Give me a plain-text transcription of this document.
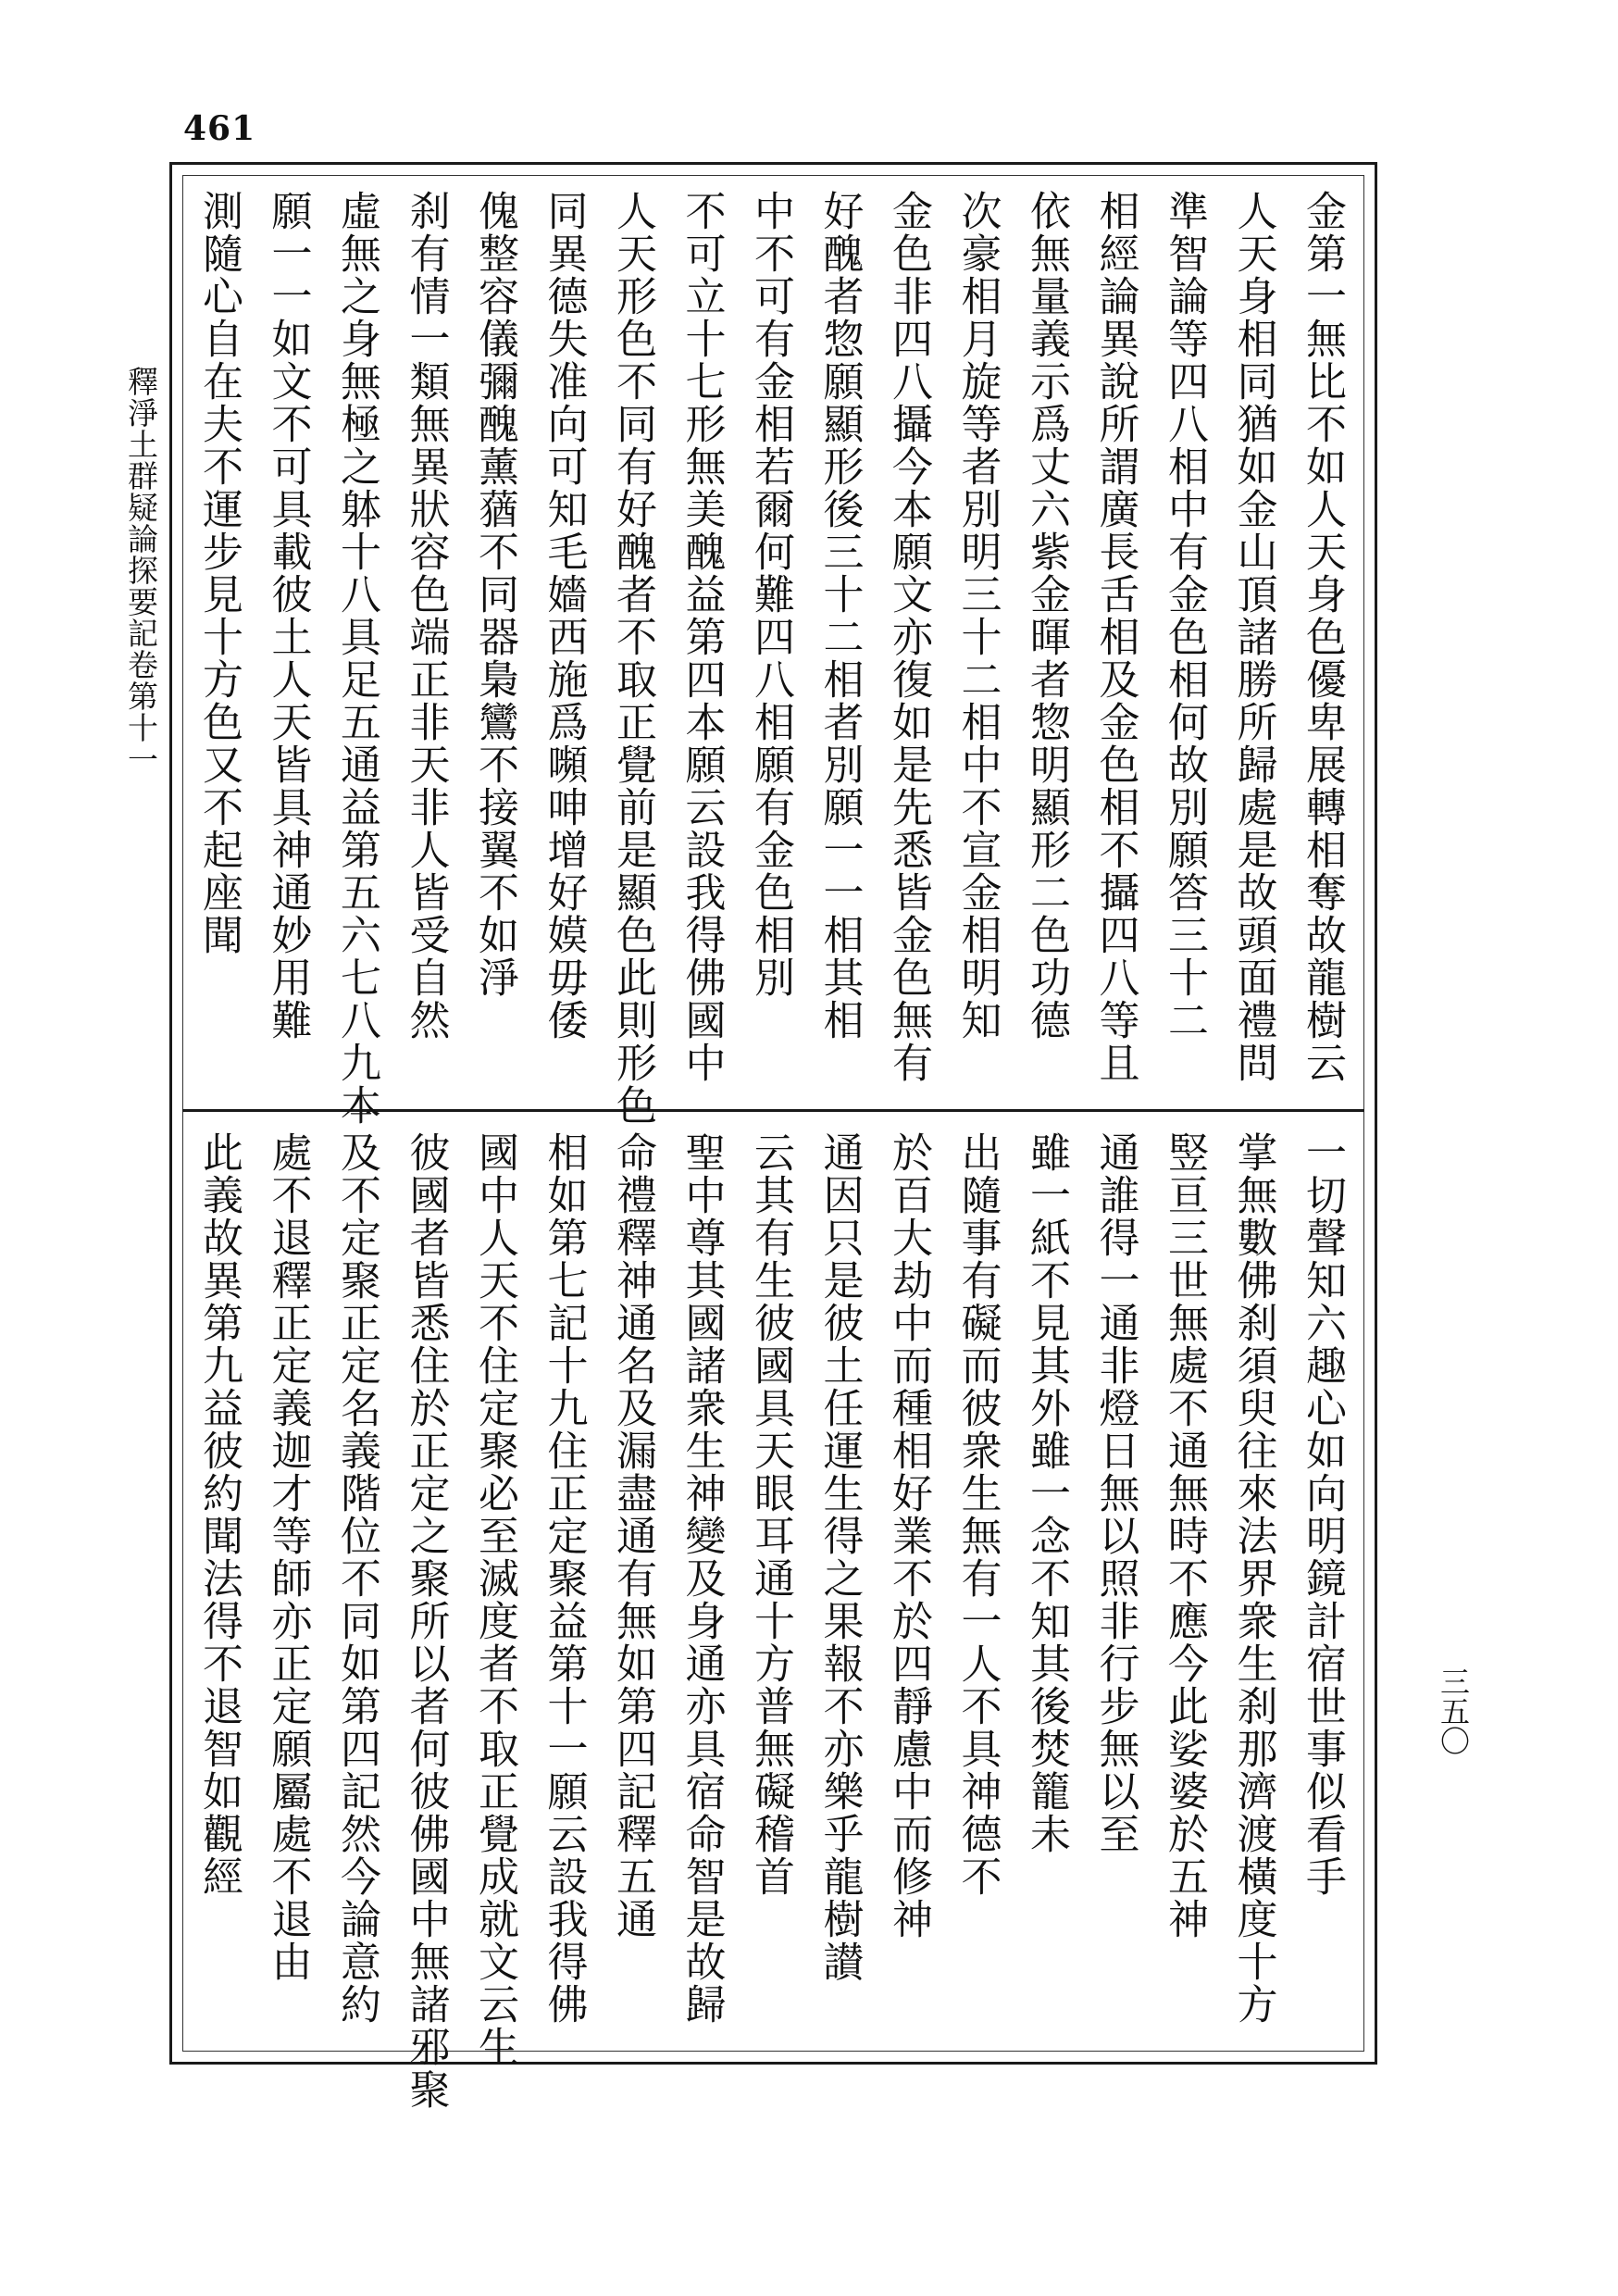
461
釋淨土群疑論探要記卷第十一
三五〇
金第一無比不如人天身色優卑展轉相奪故龍樹云
人天身相同猶如金山頂諸勝所歸處是故頭面禮問
準智論等四八相中有金色相何故別願答三十二
相經論異說所謂廣長舌相及金色相不攝四八等且
依無量義示爲丈六紫金暉者惣明顯形二色功德
次豪相月旋等者別明三十二相中不宣金相明知
金色非四八攝今本願文亦復如是先悉皆金色無有
好醜者惣願顯形後三十二相者別願一一相其相
中不可有金相若爾何難四八相願有金色相別
不可立十七形無美醜益第四本願云設我得佛國中
人天形色不同有好醜者不取正覺前是顯色此則形色
同異德失准向可知毛嬙西施爲嚬呻增好嫫毋倭
傀整容儀彌醜薰蕕不同器梟鸞不接翼不如淨
刹有情一類無異狀容色端正非天非人皆受自然
虛無之身無極之躰十八具足五通益第五六七八九本
願一一如文不可具載彼土人天皆具神通妙用難
測隨心自在夫不運步見十方色又不起座聞
一切聲知六趣心如向明鏡計宿世事似看手
掌無數佛刹須臾往來法界衆生刹那濟渡橫度十方
竪亘三世無處不通無時不應今此娑婆於五神
通誰得一通非燈日無以照非行步無以至
雖一紙不見其外雖一念不知其後焚籠未
出隨事有礙而彼衆生無有一人不具神德不
於百大劫中而種相好業不於四靜慮中而修神
通因只是彼土任運生得之果報不亦樂乎龍樹讃
云其有生彼國具天眼耳通十方普無礙稽首
聖中尊其國諸衆生神變及身通亦具宿命智是故歸
命禮釋神通名及漏盡通有無如第四記釋五通
相如第七記十九住正定聚益第十一願云設我得佛
國中人天不住定聚必至滅度者不取正覺成就文云生
彼國者皆悉住於正定之聚所以者何彼佛國中無諸邪聚
及不定聚正定名義階位不同如第四記然今論意約
處不退釋正定義迦才等師亦正定願屬處不退由
此義故異第九益彼約聞法得不退智如觀經
